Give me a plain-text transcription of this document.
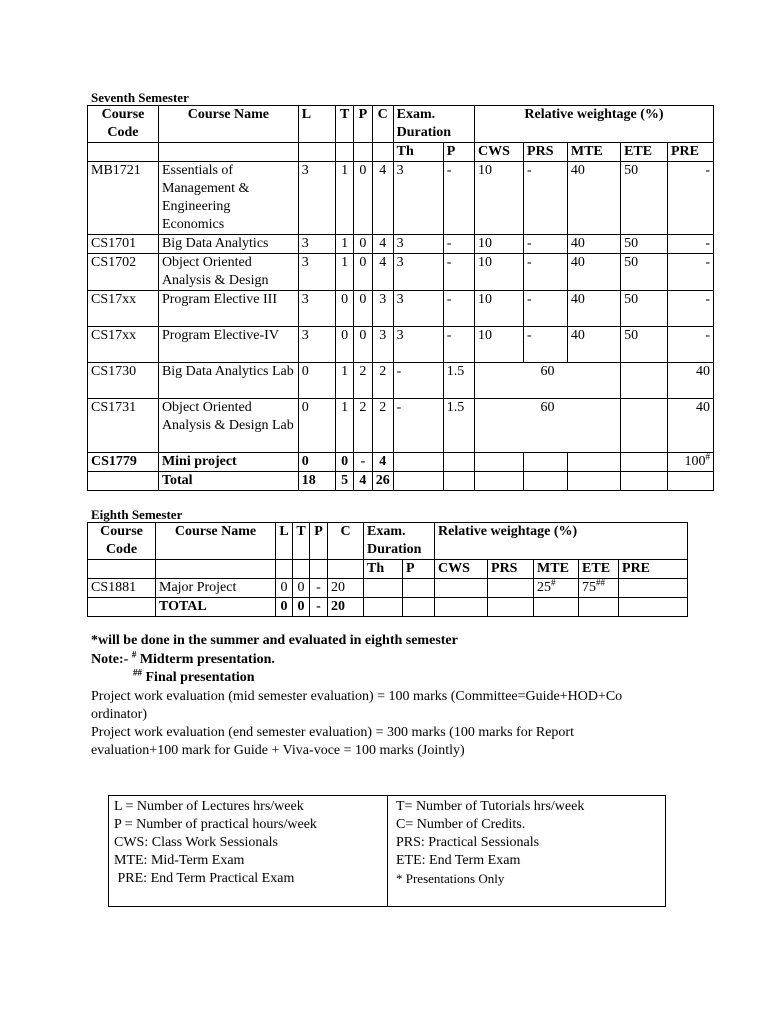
Seventh Semester
Course Code	Course Name	L	T	P	C	Exam. Duration		Relative weightage (%)				
						Th	P	CWS	PRS	MTE	ETE	PRE
MB1721	Essentials of Management & Engineering Economics	3	1	0	4	3	-	10	-	40	50	-
CS1701	Big Data Analytics	3	1	0	4	3	-	10	-	40	50	-
CS1702	Object Oriented Analysis & Design	3	1	0	4	3	-	10	-	40	50	-
CS17xx	Program Elective III	3	0	0	3	3	-	10	-	40	50	-
CS17xx	Program Elective-IV	3	0	0	3	3	-	10	-	40	50	-
CS1730	Big Data Analytics Lab	0	1	2	2	-	1.5	60				40
CS1731	Object Oriented Analysis & Design Lab	0	1	2	2	-	1.5	60				40
CS1779	Mini project	0	0	-	4							100#
	Total	18	5	4	26							
Eighth Semester
Course Code	Course Name	L	T	P	C	Exam. Duration		Relative weightage (%)				
						Th	P	CWS	PRS	MTE	ETE	PRE
CS1881	Major Project	0	0	-	20					25#	75##	
	TOTAL	0	0	-	20							
*will be done in the summer and evaluated in eighth semester
Note:- # Midterm presentation.
## Final presentation
Project work evaluation (mid semester evaluation) = 100 marks (Committee=Guide+HOD+Co ordinator)
Project work evaluation (end semester evaluation) = 300 marks (100 marks for Report evaluation+100 mark for Guide + Viva-voce = 100 marks (Jointly)
L = Number of Lectures hrs/week
P = Number of practical hours/week
CWS: Class Work Sessionals
MTE: Mid-Term Exam
PRE: End Term Practical Exam
T= Number of Tutorials hrs/week
C= Number of Credits.
PRS: Practical Sessionals
ETE: End Term Exam
* Presentations Only
